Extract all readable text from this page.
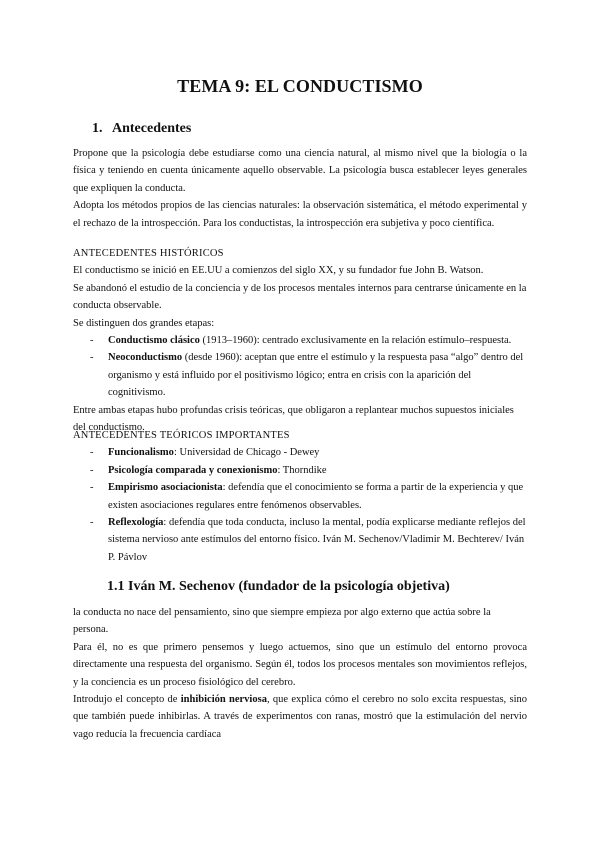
TEMA 9: EL CONDUCTISMO
1. Antecedentes

Propone que la psicología debe estudiarse como una ciencia natural, al mismo nivel que la biología o la física y teniendo en cuenta únicamente aquello observable. La psicología busca establecer leyes generales que expliquen la conducta.

Adopta los métodos propios de las ciencias naturales: la observación sistemática, el método experimental y el rechazo de la introspección. Para los conductistas, la introspección era subjetiva y poco científica.

ANTECEDENTES HISTÓRICOS

El conductismo se inició en EE.UU a comienzos del siglo XX, y su fundador fue John B. Watson.

Se abandonó el estudio de la conciencia y de los procesos mentales internos para centrarse únicamente en la conducta observable.

Se distinguen dos grandes etapas:

- Conductismo clásico (1913–1960): centrado exclusivamente en la relación estímulo–respuesta.
- Neoconductismo (desde 1960): aceptan que entre el estímulo y la respuesta pasa “algo” dentro del organismo y está influido por el positivismo lógico; entra en crisis con la aparición del cognitivismo.

Entre ambas etapas hubo profundas crisis teóricas, que obligaron a replantear muchos supuestos iniciales del conductismo.

ANTECEDENTES TEÓRICOS IMPORTANTES

- Funcionalismo: Universidad de Chicago - Dewey
- Psicología comparada y conexionismo: Thorndike
- Empirismo asociacionista: defendía que el conocimiento se forma a partir de la experiencia y que existen asociaciones regulares entre fenómenos observables.
- Reflexología: defendía que toda conducta, incluso la mental, podía explicarse mediante reflejos del sistema nervioso ante estímulos del entorno físico. Iván M. Sechenov/Vladimir M. Bechterev/ Iván P. Pávlov
1.1 Iván M. Sechenov (fundador de la psicología objetiva)

la conducta no nace del pensamiento, sino que siempre empieza por algo externo que actúa sobre la persona.

Para él, no es que primero pensemos y luego actuemos, sino que un estímulo del entorno provoca directamente una respuesta del organismo. Según él, todos los procesos mentales son movimientos reflejos, y la conciencia es un proceso fisiológico del cerebro.

Introdujo el concepto de inhibición nerviosa, que explica cómo el cerebro no solo excita respuestas, sino que también puede inhibirlas. A través de experimentos con ranas, mostró que la estimulación del nervio vago reducía la frecuencia cardíaca
